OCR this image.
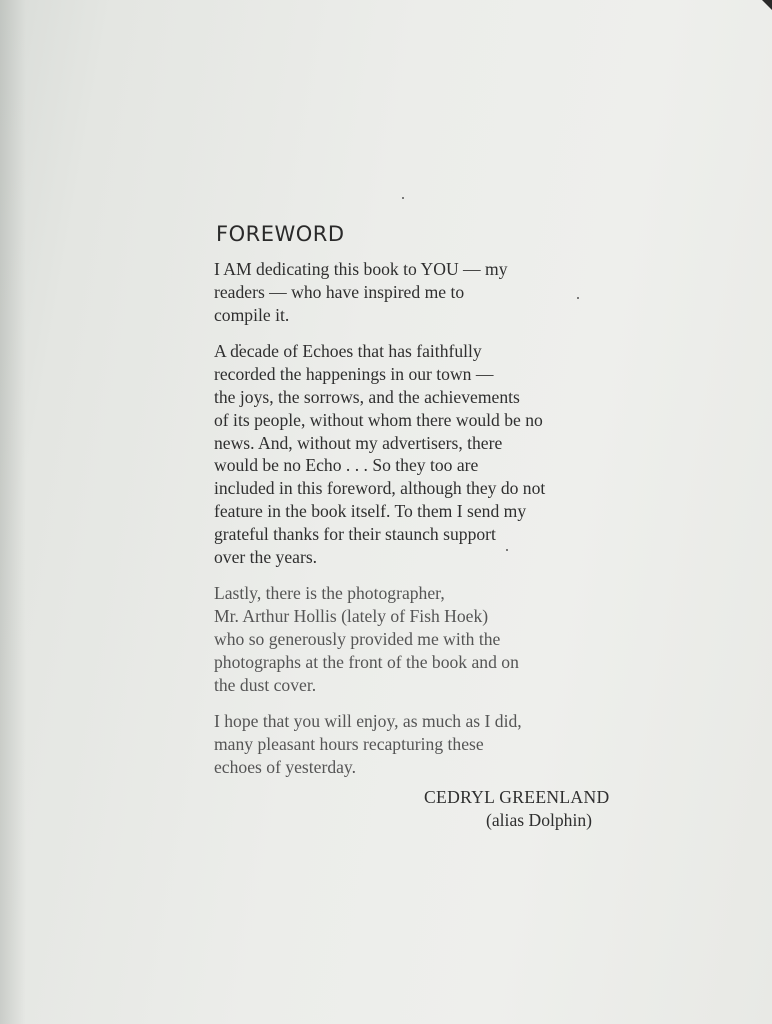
FOREWORD

I AM dedicating this book to YOU — my
readers — who have inspired me to
compile it.

A decade of Echoes that has faithfully
recorded the happenings in our town —
the joys, the sorrows, and the achievements
of its people, without whom there would be no
news. And, without my advertisers, there
would be no Echo . . . So they too are
included in this foreword, although they do not
feature in the book itself. To them I send my
grateful thanks for their staunch support
over the years.

Lastly, there is the photographer,
Mr. Arthur Hollis (lately of Fish Hoek)
who so generously provided me with the
photographs at the front of the book and on
the dust cover.

I hope that you will enjoy, as much as I did,
many pleasant hours recapturing these
echoes of yesterday.

CEDRYL GREENLAND
(alias Dolphin)
